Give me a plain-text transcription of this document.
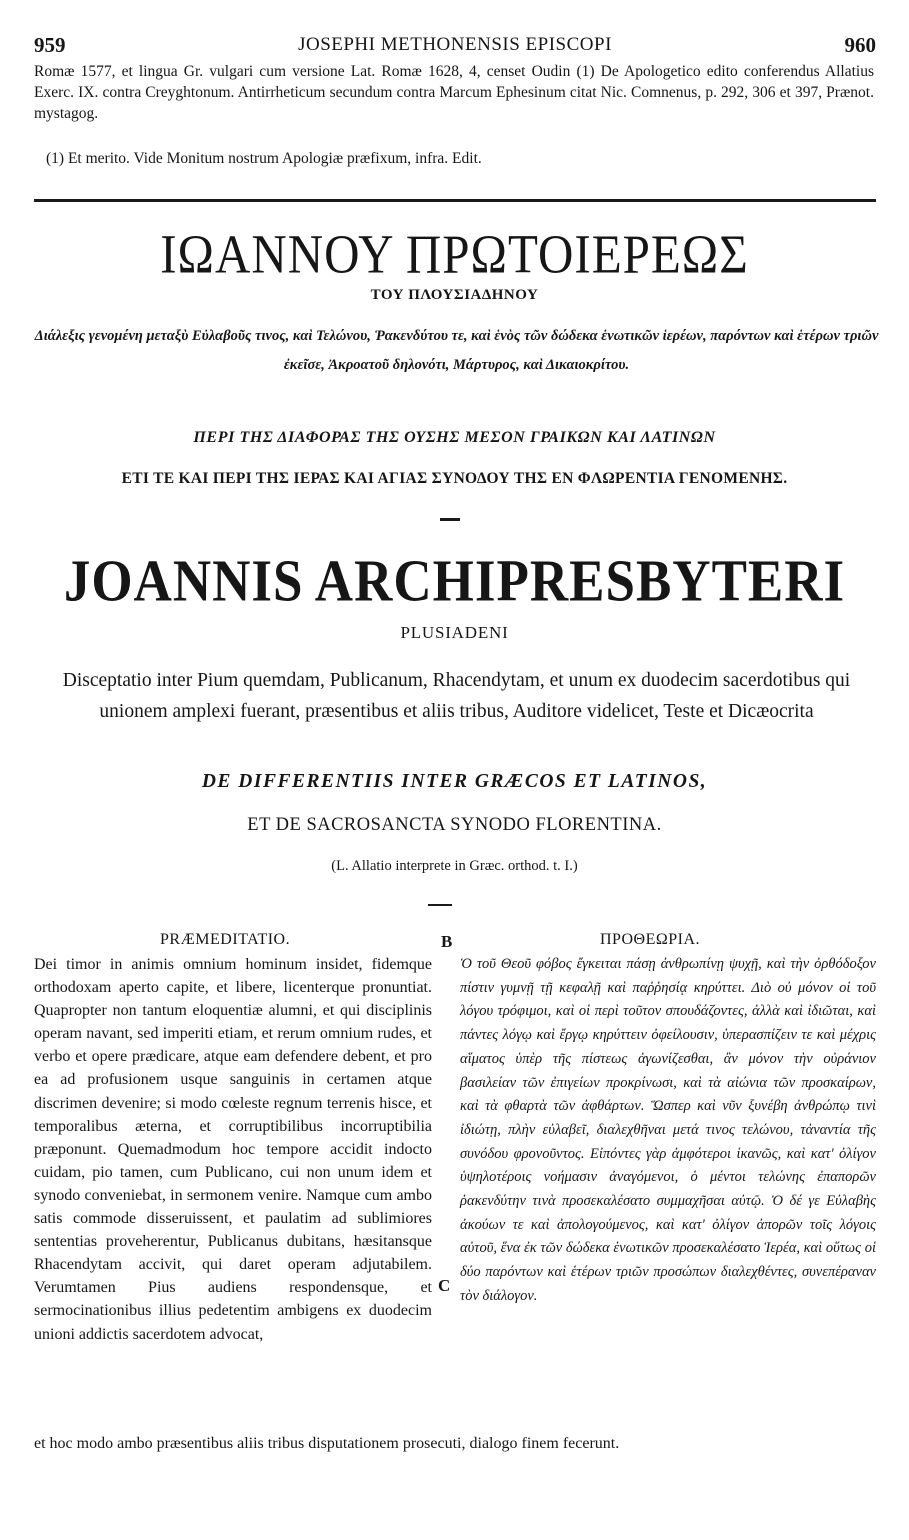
959	JOSEPHI METHONENSIS EPISCOPI	960

Romæ 1577, et lingua Gr. vulgari cum versione Lat. Romæ 1628, 4, censet Oudin (1) De Apologetico edito conferendus Allatius Exerc. IX. contra Creyghtonum. Antirrheticum secundum contra Marcum Ephesinum citat Nic. Comnenus, p. 292, 306 et 397, Prænot. mystagog.

(1) Et merito. Vide Monitum nostrum Apologiæ præfixum, infra. Edit.
ΙΩΑΝΝΟΥ ΠΡΩΤΟΙΕΡΕΩΣ
ΤΟΥ ΠΛΟΥΣΙΑΔΗΝΟΥ
Διάλεξις γενομένη μεταξὺ Εὐλαβοῦς τινος, καὶ Τελώνου, Ῥακενδύτου τε, καὶ ἑνὸς τῶν δώδεκα ἑνωτικῶν ἱερέων, παρόντων καὶ ἑτέρων τριῶν ἐκεῖσε, Ἀκροατοῦ δηλονότι, Μάρτυρος, καὶ Δικαιοκρίτου.
ΠΕΡΙ ΤΗΣ ΔΙΑΦΟΡΑΣ ΤΗΣ ΟΥΣΗΣ ΜΕΣΟΝ ΓΡΑΙΚΩΝ ΚΑΙ ΛΑΤΙΝΩΝ
ΕΤΙ ΤΕ ΚΑΙ ΠΕΡΙ ΤΗΣ ΙΕΡΑΣ ΚΑΙ ΑΓΙΑΣ ΣΥΝΟΔΟΥ ΤΗΣ ΕΝ ΦΛΩΡΕΝΤΙΑ ΓΕΝΟΜΕΝΗΣ.
JOANNIS ARCHIPRESBYTERI
PLUSIADENI
Disceptatio inter Pium quemdam, Publicanum, Rhacendytam, et unum ex duodecim sacerdotibus qui unionem amplexi fuerant, præsentibus et aliis tribus, Auditore videlicet, Teste et Dicæocrita
DE DIFFERENTIIS INTER GRÆCOS ET LATINOS,
ET DE SACROSANCTA SYNODO FLORENTINA.
(L. Allatio interprete in Græc. orthod. t. I.)
PRÆMEDITATIO.	ΠΡΟΘΕΩΡΙΑ.
B
C

Dei timor in animis omnium hominum insidet, fidemque orthodoxam aperto capite, et libere, licenterque pronuntiat. Quapropter non tantum eloquentiæ alumni, et qui disciplinis operam navant, sed imperiti etiam, et rerum omnium rudes, et verbo et opere prædicare, atque eam defendere debent, et pro ea ad profusionem usque sanguinis in certamen atque discrimen devenire; si modo cœleste regnum terrenis hisce, et temporalibus æterna, et corruptibilibus incorruptibilia præponunt. Quemadmodum hoc tempore accidit indocto cuidam, pio tamen, cum Publicano, cui non unum idem et synodo conveniebat, in sermonem venire. Namque cum ambo satis commode disseruissent, et paulatim ad sublimiores sententias proveherentur, Publicanus dubitans, hæsitansque Rhacendytam accivit, qui daret operam adjutabilem. Verumtamen Pius audiens respondensque, et sermocinationibus illius pedetentim ambigens ex duodecim unioni addictis sacerdotem advocat,

Ὁ τοῦ Θεοῦ φόβος ἔγκειται πάσῃ ἀνθρωπίνῃ ψυχῇ, καὶ τὴν ὀρθόδοξον πίστιν γυμνῇ τῇ κεφαλῇ καὶ παῤῥησίᾳ κηρύττει. Διὸ οὐ μόνον οἱ τοῦ λόγου τρόφιμοι, καὶ οἱ περὶ τοῦτον σπουδάζοντες, ἀλλὰ καὶ ἰδιῶται, καὶ πάντες λόγῳ καὶ ἔργῳ κηρύττειν ὀφείλουσιν, ὑπερασπίζειν τε καὶ μέχρις αἵματος ὑπὲρ τῆς πίστεως ἀγωνίζεσθαι, ἂν μόνον τὴν οὐράνιον βασιλείαν τῶν ἐπιγείων προκρίνωσι, καὶ τὰ αἰώνια τῶν προσκαίρων, καὶ τὰ φθαρτὰ τῶν ἀφθάρτων. Ὥσπερ καὶ νῦν ξυνέβη ἀνθρώπῳ τινὶ ἰδιώτῃ, πλὴν εὐλαβεῖ, διαλεχθῆναι μετά τινος τελώνου, τἀναντία τῆς συνόδου φρονοῦντος. Εἰπόντες γὰρ ἀμφότεροι ἱκανῶς, καὶ κατ' ὀλίγον ὑψηλοτέροις νοήμασιν ἀναγόμενοι, ὁ μέντοι τελώνης ἐπαπορῶν ῥακενδύτην τινὰ προσεκαλέσατο συμμαχῆσαι αὐτῷ. Ὁ δέ γε Εὐλαβὴς ἀκούων τε καὶ ἀπολογούμενος, καὶ κατ' ὀλίγον ἀπορῶν τοῖς λόγοις αὐτοῦ, ἕνα ἐκ τῶν δώδεκα ἑνωτικῶν προσεκαλέσατο Ἱερέα, καὶ οὕτως οἱ δύο παρόντων καὶ ἑτέρων τριῶν προσώπων διαλεχθέντες, συνεπέραναν τὸν διάλογον.

et hoc modo ambo præsentibus aliis tribus disputationem prosecuti, dialogo finem fecerunt.
